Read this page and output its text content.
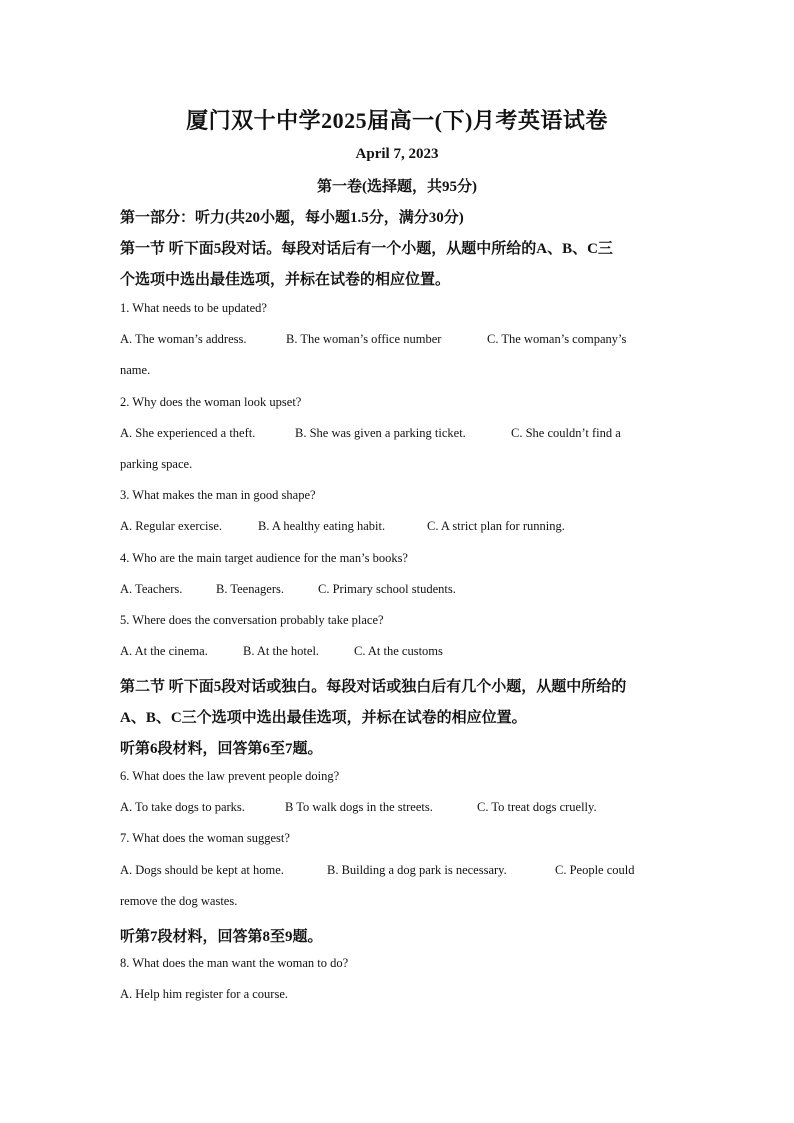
厦门双十中学2025届高一(下)月考英语试卷
April 7, 2023
第一卷(选择题，共95分)
第一部分：听力(共20小题，每小题1.5分，满分30分)
第一节 听下面5段对话。每段对话后有一个小题，从题中所给的A、B、C三
个选项中选出最佳选项，并标在试卷的相应位置。
1. What needs to be updated?
A. The woman’s address.	B. The woman’s office number	C. The woman’s company’s
name.
2. Why does the woman look upset?
A. She experienced a theft.	B. She was given a parking ticket.	C. She couldn’t find a
parking space.
3. What makes the man in good shape?
A. Regular exercise.	B. A healthy eating habit.	C. A strict plan for running.
4. Who are the main target audience for the man’s books?
A. Teachers.	B. Teenagers.	C. Primary school students.
5. Where does the conversation probably take place?
A. At the cinema.	B. At the hotel.	C. At the customs
第二节 听下面5段对话或独白。每段对话或独白后有几个小题，从题中所给的
A、B、C三个选项中选出最佳选项，并标在试卷的相应位置。
听第6段材料，回答第6至7题。
6. What does the law prevent people doing?
A. To take dogs to parks.	B To walk dogs in the streets.	C. To treat dogs cruelly.
7. What does the woman suggest?
A. Dogs should be kept at home.	B. Building a dog park is necessary.	C. People could
remove the dog wastes.
听第7段材料，回答第8至9题。
8. What does the man want the woman to do?
A. Help him register for a course.
